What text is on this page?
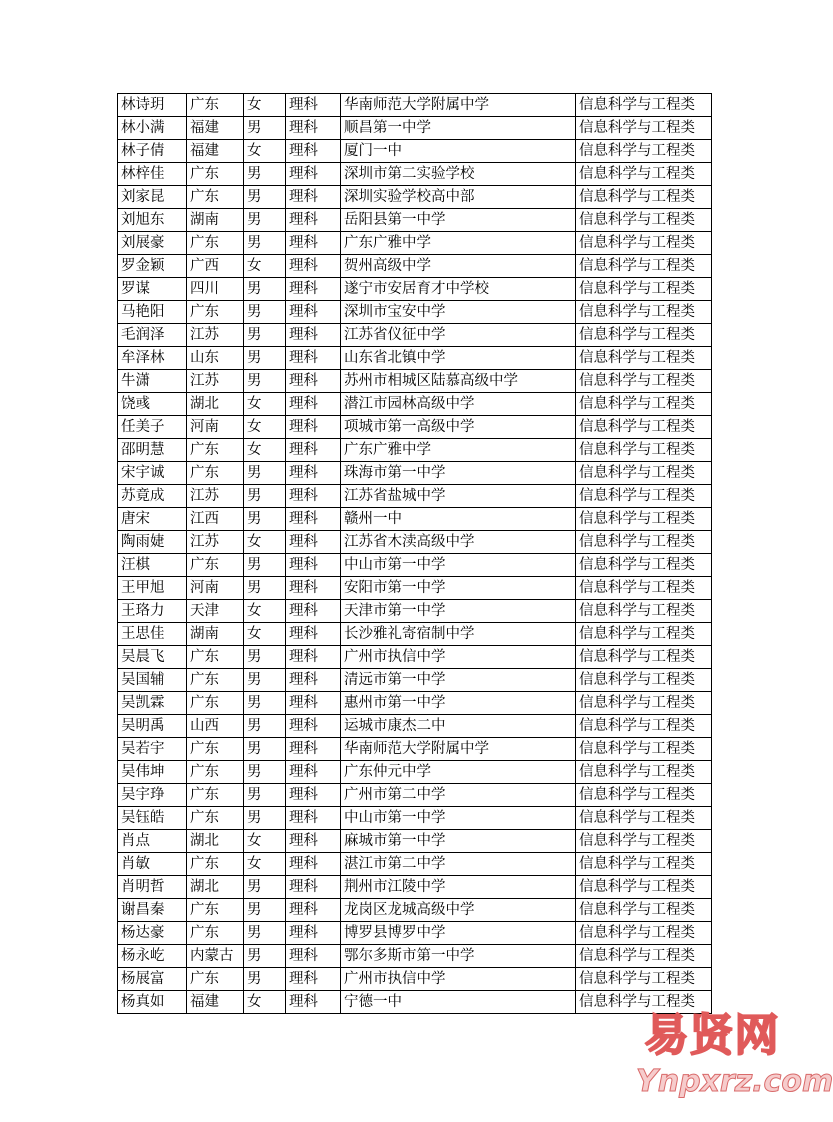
林诗玥	广东	女	理科	华南师范大学附属中学	信息科学与工程类
林小满	福建	男	理科	顺昌第一中学	信息科学与工程类
林子倩	福建	女	理科	厦门一中	信息科学与工程类
林梓佳	广东	男	理科	深圳市第二实验学校	信息科学与工程类
刘家昆	广东	男	理科	深圳实验学校高中部	信息科学与工程类
刘旭东	湖南	男	理科	岳阳县第一中学	信息科学与工程类
刘展豪	广东	男	理科	广东广雅中学	信息科学与工程类
罗金颖	广西	女	理科	贺州高级中学	信息科学与工程类
罗谋	四川	男	理科	遂宁市安居育才中学校	信息科学与工程类
马艳阳	广东	男	理科	深圳市宝安中学	信息科学与工程类
毛润泽	江苏	男	理科	江苏省仪征中学	信息科学与工程类
牟泽林	山东	男	理科	山东省北镇中学	信息科学与工程类
牛潇	江苏	男	理科	苏州市相城区陆慕高级中学	信息科学与工程类
饶彧	湖北	女	理科	潜江市园林高级中学	信息科学与工程类
任美子	河南	女	理科	项城市第一高级中学	信息科学与工程类
邵明慧	广东	女	理科	广东广雅中学	信息科学与工程类
宋宇诚	广东	男	理科	珠海市第一中学	信息科学与工程类
苏竟成	江苏	男	理科	江苏省盐城中学	信息科学与工程类
唐宋	江西	男	理科	赣州一中	信息科学与工程类
陶雨婕	江苏	女	理科	江苏省木渎高级中学	信息科学与工程类
汪棋	广东	男	理科	中山市第一中学	信息科学与工程类
王甲旭	河南	男	理科	安阳市第一中学	信息科学与工程类
王珞力	天津	女	理科	天津市第一中学	信息科学与工程类
王思佳	湖南	女	理科	长沙雅礼寄宿制中学	信息科学与工程类
吴晨飞	广东	男	理科	广州市执信中学	信息科学与工程类
吴国辅	广东	男	理科	清远市第一中学	信息科学与工程类
吴凯霖	广东	男	理科	惠州市第一中学	信息科学与工程类
吴明禹	山西	男	理科	运城市康杰二中	信息科学与工程类
吴若宇	广东	男	理科	华南师范大学附属中学	信息科学与工程类
吴伟坤	广东	男	理科	广东仲元中学	信息科学与工程类
吴宇琤	广东	男	理科	广州市第二中学	信息科学与工程类
吴钰皓	广东	男	理科	中山市第一中学	信息科学与工程类
肖点	湖北	女	理科	麻城市第一中学	信息科学与工程类
肖敏	广东	女	理科	湛江市第二中学	信息科学与工程类
肖明哲	湖北	男	理科	荆州市江陵中学	信息科学与工程类
谢昌秦	广东	男	理科	龙岗区龙城高级中学	信息科学与工程类
杨达豪	广东	男	理科	博罗县博罗中学	信息科学与工程类
杨永屹	内蒙古	男	理科	鄂尔多斯市第一中学	信息科学与工程类
杨展富	广东	男	理科	广州市执信中学	信息科学与工程类
杨真如	福建	女	理科	宁德一中	信息科学与工程类
易贤网
Ynpxrz.com
